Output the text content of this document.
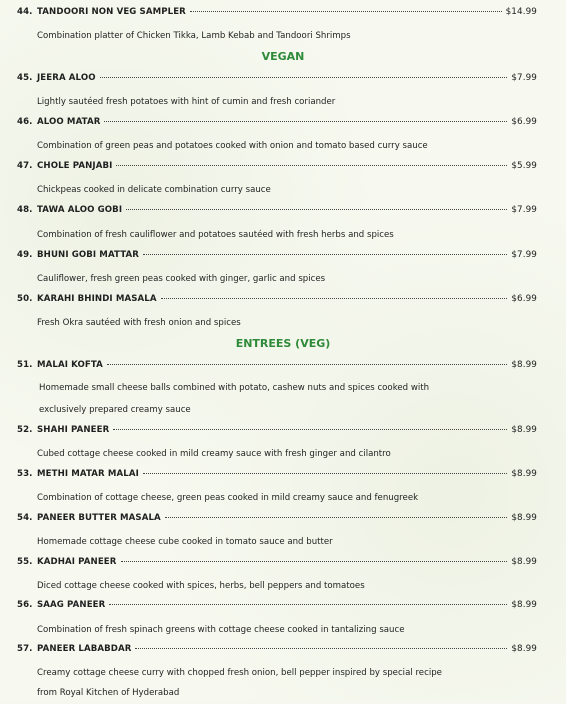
44. TANDOORI NON VEG SAMPLER	$14.99
Combination platter of Chicken Tikka, Lamb Kebab and Tandoori Shrimps
VEGAN
45. JEERA ALOO	$7.99
Lightly sautéed fresh potatoes with hint of cumin and fresh coriander
46. ALOO MATAR	$6.99
Combination of green peas and potatoes cooked with onion and tomato based curry sauce
47. CHOLE PANJABI	$5.99
Chickpeas cooked in delicate combination curry sauce
48. TAWA ALOO GOBI	$7.99
Combination of fresh cauliflower and potatoes sautéed with fresh herbs and spices
49. BHUNI GOBI MATTAR	$7.99
Cauliflower, fresh green peas cooked with ginger, garlic and spices
50. KARAHI BHINDI MASALA	$6.99
Fresh Okra sautéed with fresh onion and spices
ENTREES (VEG)
51. MALAI KOFTA	$8.99
Homemade small cheese balls combined with potato, cashew nuts and spices cooked with
exclusively prepared creamy sauce
52. SHAHI PANEER	$8.99
Cubed cottage cheese cooked in mild creamy sauce with fresh ginger and cilantro
53. METHI MATAR MALAI	$8.99
Combination of cottage cheese, green peas cooked in mild creamy sauce and fenugreek
54. PANEER BUTTER MASALA	$8.99
Homemade cottage cheese cube cooked in tomato sauce and butter
55. KADHAI PANEER	$8.99
Diced cottage cheese cooked with spices, herbs, bell peppers and tomatoes
56. SAAG PANEER	$8.99
Combination of fresh spinach greens with cottage cheese cooked in tantalizing sauce
57. PANEER LABABDAR	$8.99
Creamy cottage cheese curry with chopped fresh onion, bell pepper inspired by special recipe
from Royal Kitchen of Hyderabad
